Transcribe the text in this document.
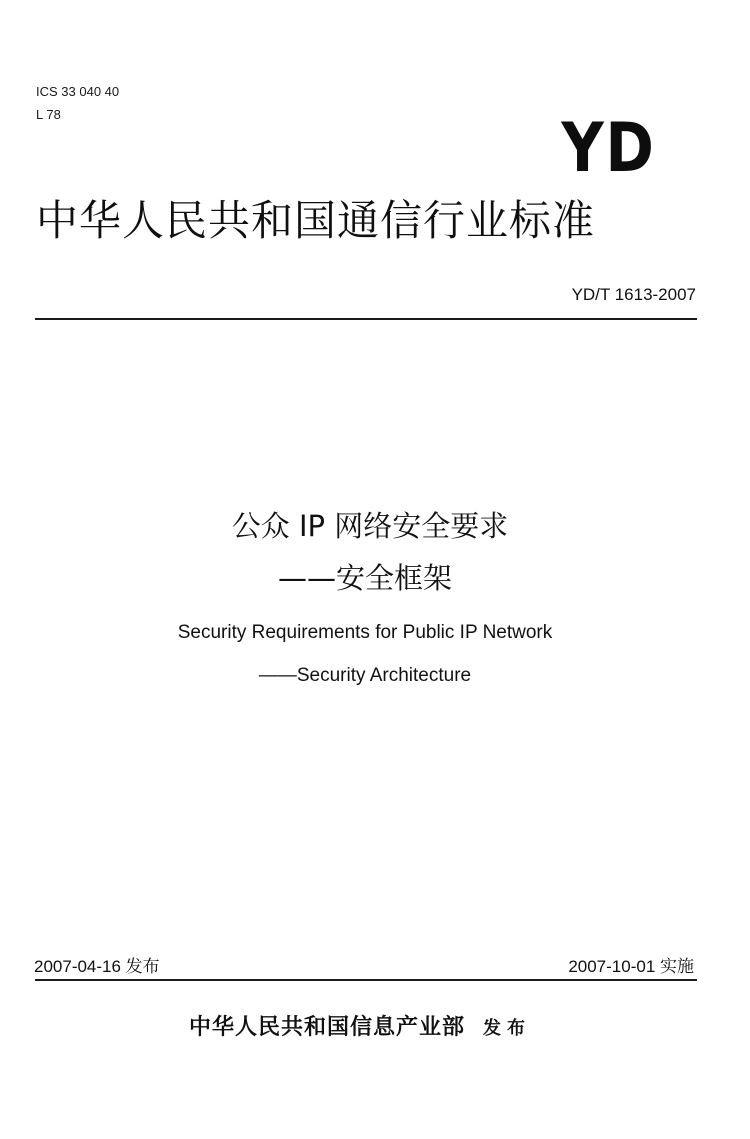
ICS 33 040 40
L 78	YD
中华人民共和国通信行业标准
YD/T 1613-2007
公众 IP 网络安全要求
——安全框架
Security Requirements for Public IP Network
——Security Architecture
2007-04-16 发布	2007-10-01 实施
中华人民共和国信息产业部 发布
